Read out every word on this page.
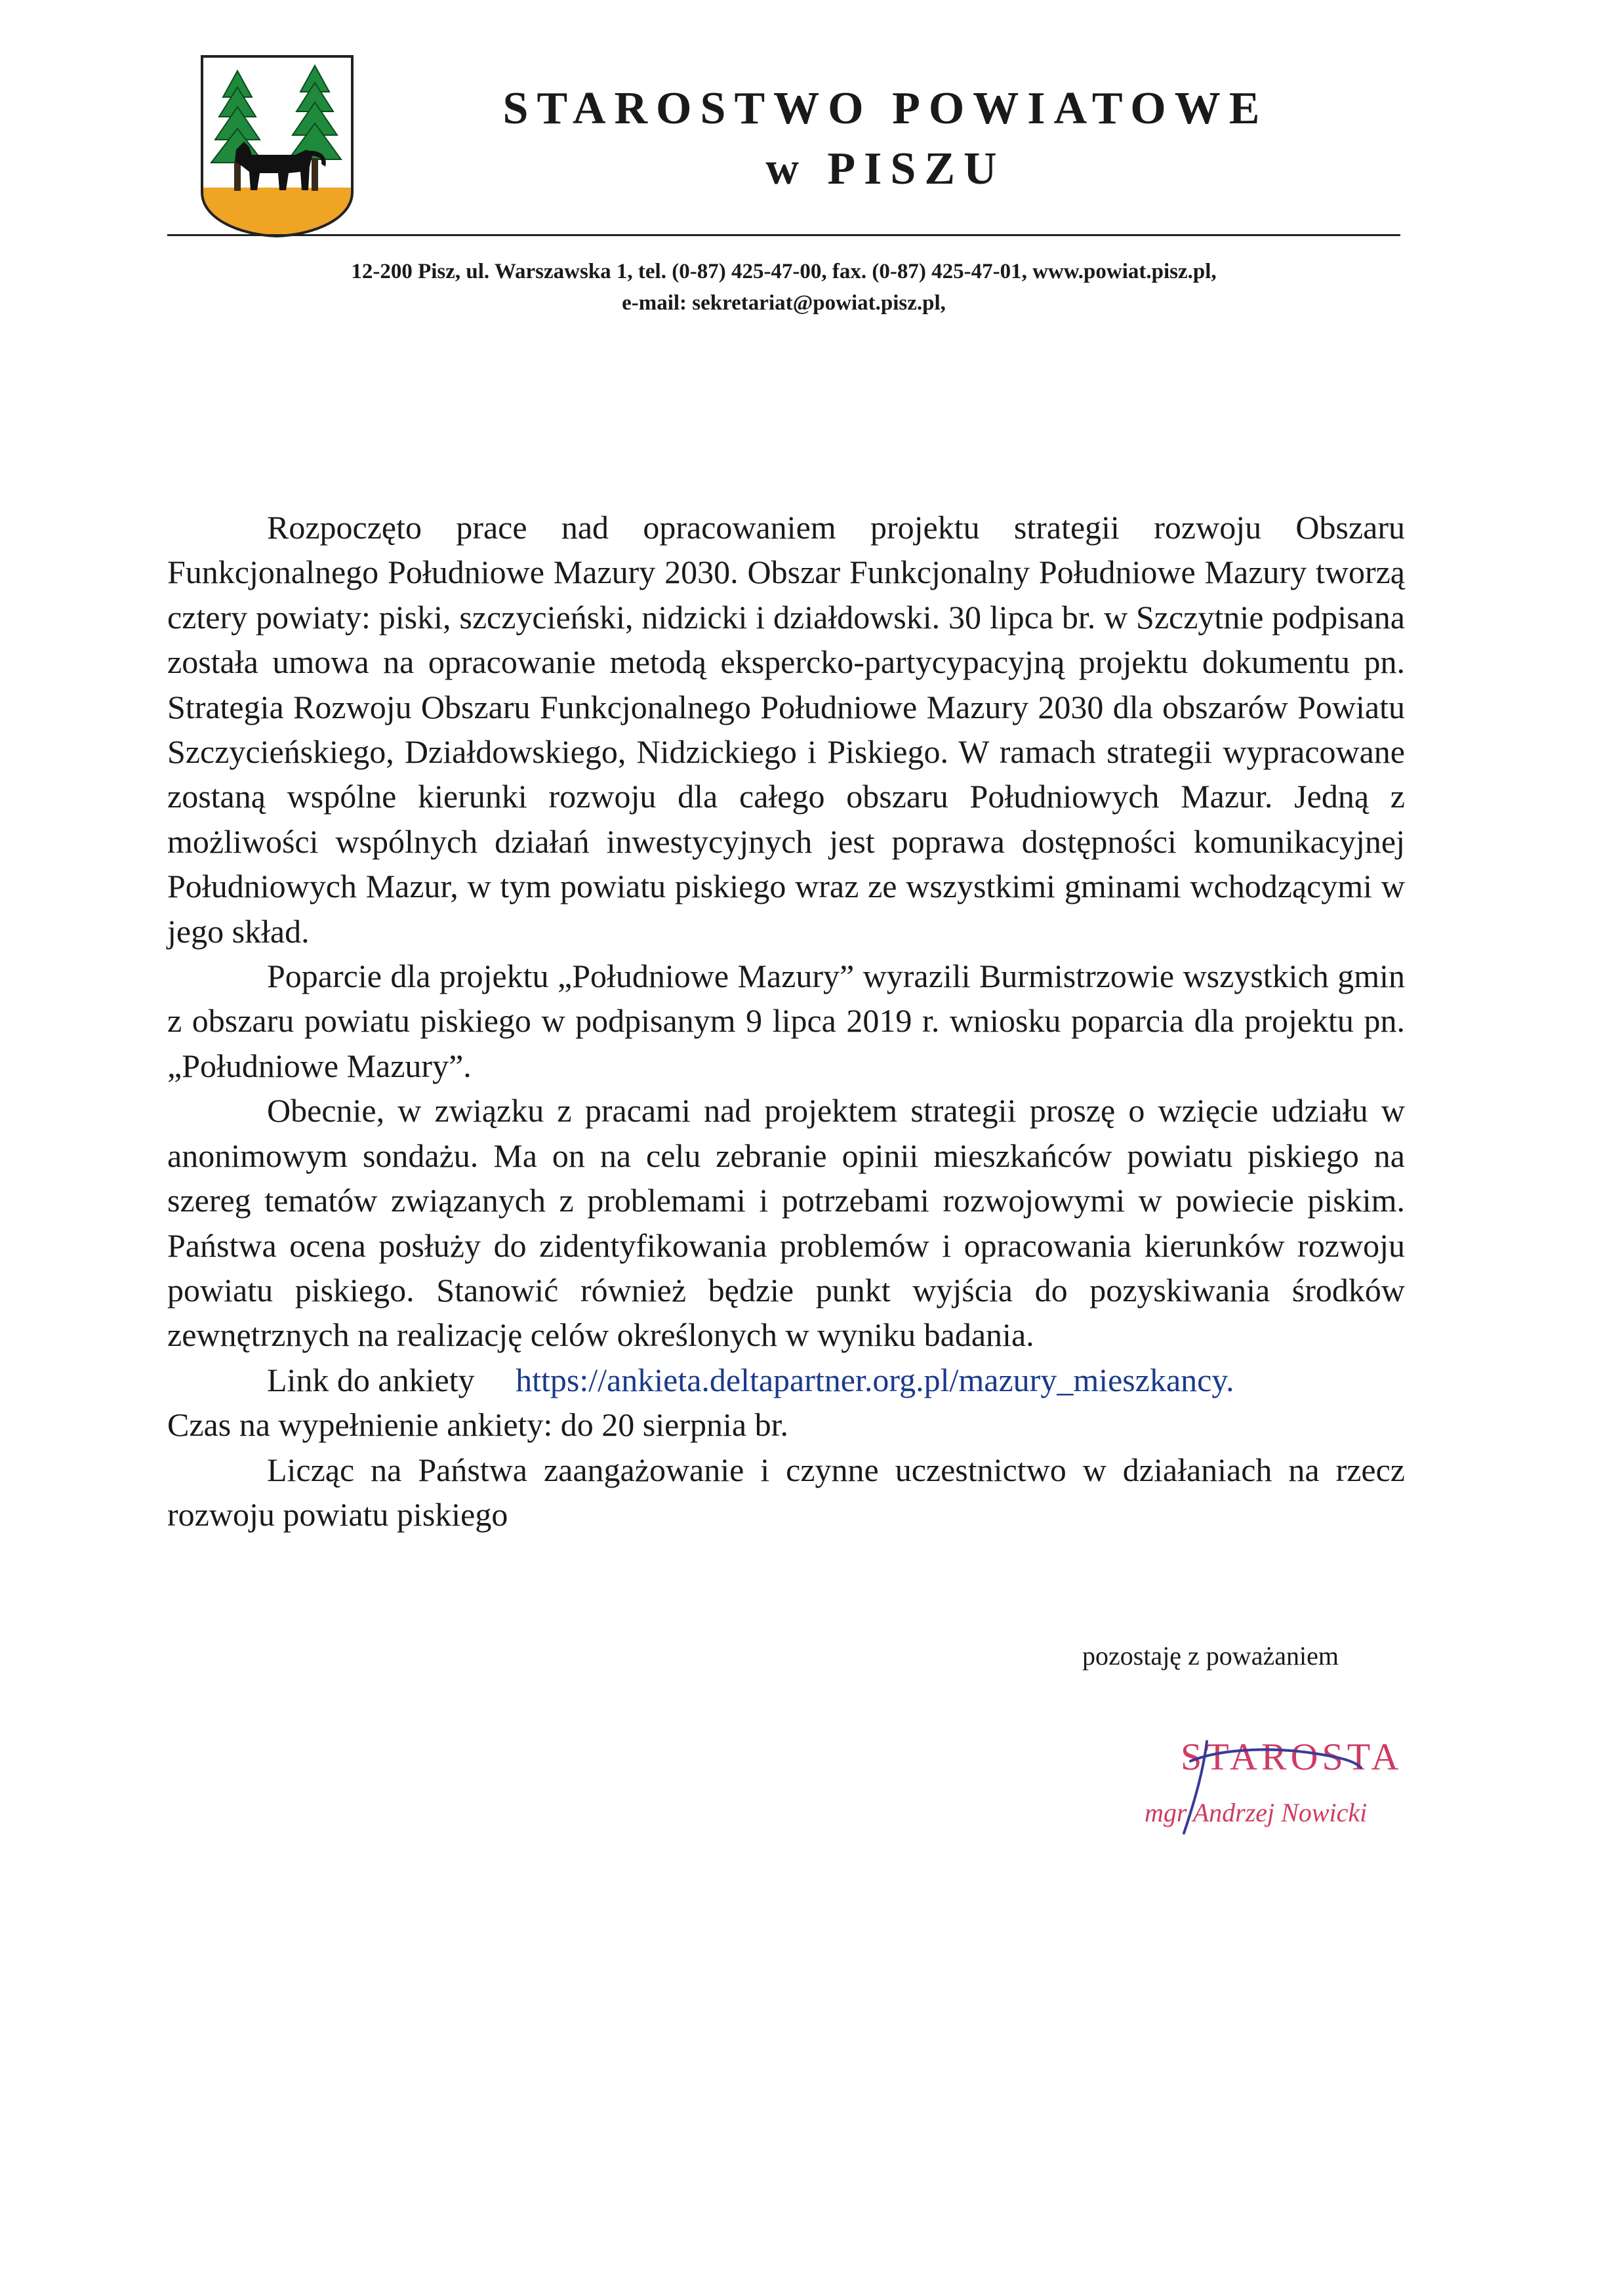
STAROSTWO POWIATOWE
w PISZU
12-200 Pisz, ul. Warszawska 1, tel. (0-87) 425-47-00, fax. (0-87) 425-47-01, www.powiat.pisz.pl,
e-mail: sekretariat@powiat.pisz.pl,

Rozpoczęto prace nad opracowaniem projektu strategii rozwoju Obszaru Funkcjonalnego Południowe Mazury 2030. Obszar Funkcjonalny Południowe Mazury tworzą cztery powiaty: piski, szczycieński, nidzicki i działdowski. 30 lipca br. w Szczytnie podpisana została umowa na opracowanie metodą ekspercko-partycypacyjną projektu dokumentu pn. Strategia Rozwoju Obszaru Funkcjonalnego Południowe Mazury 2030 dla obszarów Powiatu Szczycieńskiego, Działdowskiego, Nidzickiego i Piskiego. W ramach strategii wypracowane zostaną wspólne kierunki rozwoju dla całego obszaru Południowych Mazur. Jedną z możliwości wspólnych działań inwestycyjnych jest poprawa dostępności komunikacyjnej Południowych Mazur, w tym powiatu piskiego wraz ze wszystkimi gminami wchodzącymi w jego skład.

Poparcie dla projektu „Południowe Mazury” wyrazili Burmistrzowie wszystkich gmin z obszaru powiatu piskiego w podpisanym 9 lipca 2019 r. wniosku poparcia dla projektu pn. „Południowe Mazury”.

Obecnie, w związku z pracami nad projektem strategii proszę o wzięcie udziału w anonimowym sondażu. Ma on na celu zebranie opinii mieszkańców powiatu piskiego na szereg tematów związanych z problemami i potrzebami rozwojowymi w powiecie piskim. Państwa ocena posłuży do zidentyfikowania problemów i opracowania kierunków rozwoju powiatu piskiego. Stanowić również będzie punkt wyjścia do pozyskiwania środków zewnętrznych na realizację celów określonych w wyniku badania.

Link do ankiety https://ankieta.deltapartner.org.pl/mazury_mieszkancy.

Czas na wypełnienie ankiety: do 20 sierpnia br.

Licząc na Państwa zaangażowanie i czynne uczestnictwo w działaniach na rzecz rozwoju powiatu piskiego

pozostaję z poważaniem
STAROSTA
mgr Andrzej Nowicki
